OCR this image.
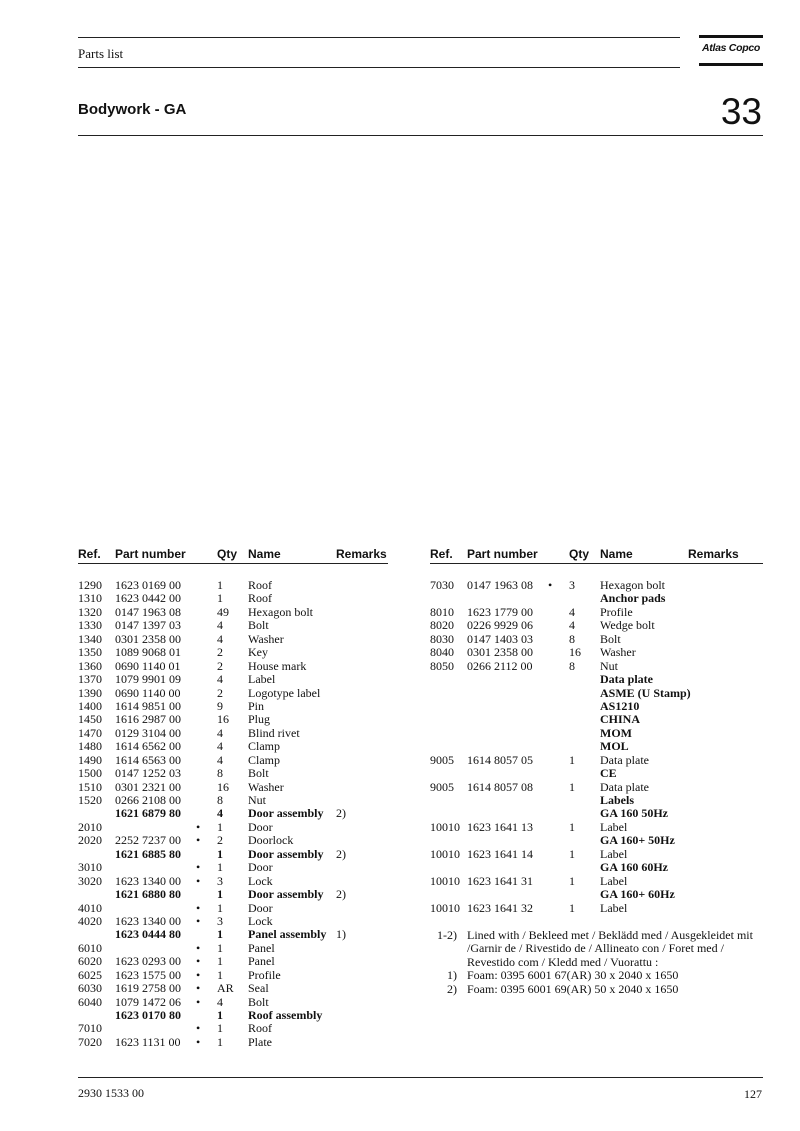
Parts list	Atlas Copco
Bodywork - GA	33
Ref. Part number	Qty Name	Remarks
1290 1623 0169 00	1 Roof
1310 1623 0442 00	1 Roof
1320 0147 1963 08	49 Hexagon bolt
1330 0147 1397 03	4 Bolt
1340 0301 2358 00	4 Washer
1350 1089 9068 01	2 Key
1360 0690 1140 01	2 House mark
1370 1079 9901 09	4 Label
1390 0690 1140 00	2 Logotype label
1400 1614 9851 00	9 Pin
1450 1616 2987 00	16 Plug
1470 0129 3104 00	4 Blind rivet
1480 1614 6562 00	4 Clamp
1490 1614 6563 00	4 Clamp
1500 0147 1252 03	8 Bolt
1510 0301 2321 00	16 Washer
1520 0266 2108 00	8 Nut
1621 6879 80	4 Door assembly 2)
2010	• 1 Door
2020 2252 7237 00 • 2 Doorlock
1621 6885 80	1 Door assembly 2)
3010	• 1 Door
3020 1623 1340 00 • 3 Lock
1621 6880 80	1 Door assembly 2)
4010	• 1 Door
4020 1623 1340 00 • 3 Lock
1623 0444 80	1 Panel assembly 1)
6010	• 1 Panel
6020 1623 0293 00 • 1 Panel
6025 1623 1575 00 • 1 Profile
6030 1619 2758 00 • AR Seal
6040 1079 1472 06 • 4 Bolt
1623 0170 80	1 Roof assembly
7010	• 1 Roof
7020 1623 1131 00 • 1 Plate
Ref. Part number	Qty Name	Remarks
7030 0147 1963 08 • 3 Hexagon bolt
Anchor pads
8010 1623 1779 00	4 Profile
8020 0226 9929 06	4 Wedge bolt
8030 0147 1403 03	8 Bolt
8040 0301 2358 00	16 Washer
8050 0266 2112 00	8 Nut
Data plate
ASME (U Stamp)
AS1210
CHINA
MOM
MOL
9005 1614 8057 05	1 Data plate
CE
9005 1614 8057 08	1 Data plate
Labels
GA 160 50Hz
10010 1623 1641 13	1 Label
GA 160+ 50Hz
10010 1623 1641 14	1 Label
GA 160 60Hz
10010 1623 1641 31	1 Label
GA 160+ 60Hz
10010 1623 1641 32	1 Label
1-2) Lined with / Bekleed met / Beklädd med / Ausgekleidet mit /Garnir de / Rivestido de / Allineato con / Foret med / Revestido com / Kledd med / Vuorattu :
1) Foam: 0395 6001 67(AR) 30 x 2040 x 1650
2) Foam: 0395 6001 69(AR) 50 x 2040 x 1650
2930 1533 00	127
